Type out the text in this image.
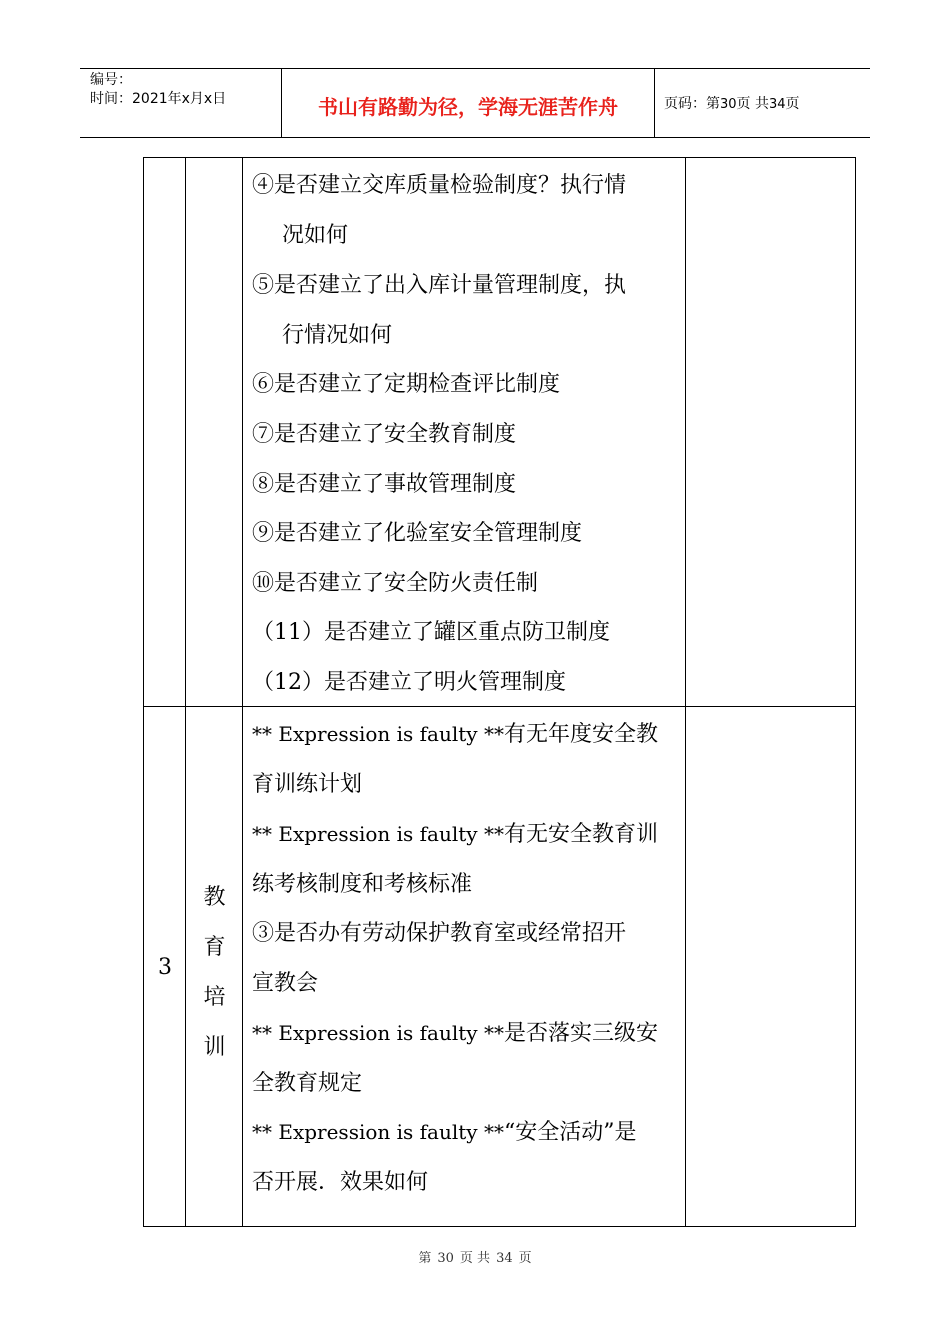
编号：
时间：2021年x月x日	书山有路勤为径，学海无涯苦作舟	页码：第30页 共34页
④是否建立交库质量检验制度？执行情
况如何
⑤是否建立了出入库计量管理制度，执
行情况如何
⑥是否建立了定期检查评比制度
⑦是否建立了安全教育制度
⑧是否建立了事故管理制度
⑨是否建立了化验室安全管理制度
⑩是否建立了安全防火责任制
（11）是否建立了罐区重点防卫制度
（12）是否建立了明火管理制度
3
教
育
培
训
** Expression is faulty **有无年度安全教
育训练计划
** Expression is faulty **有无安全教育训
练考核制度和考核标准
③是否办有劳动保护教育室或经常招开
宣教会
** Expression is faulty **是否落实三级安
全教育规定
** Expression is faulty **“安全活动”是
否开展．效果如何
第 30 页 共 34 页
